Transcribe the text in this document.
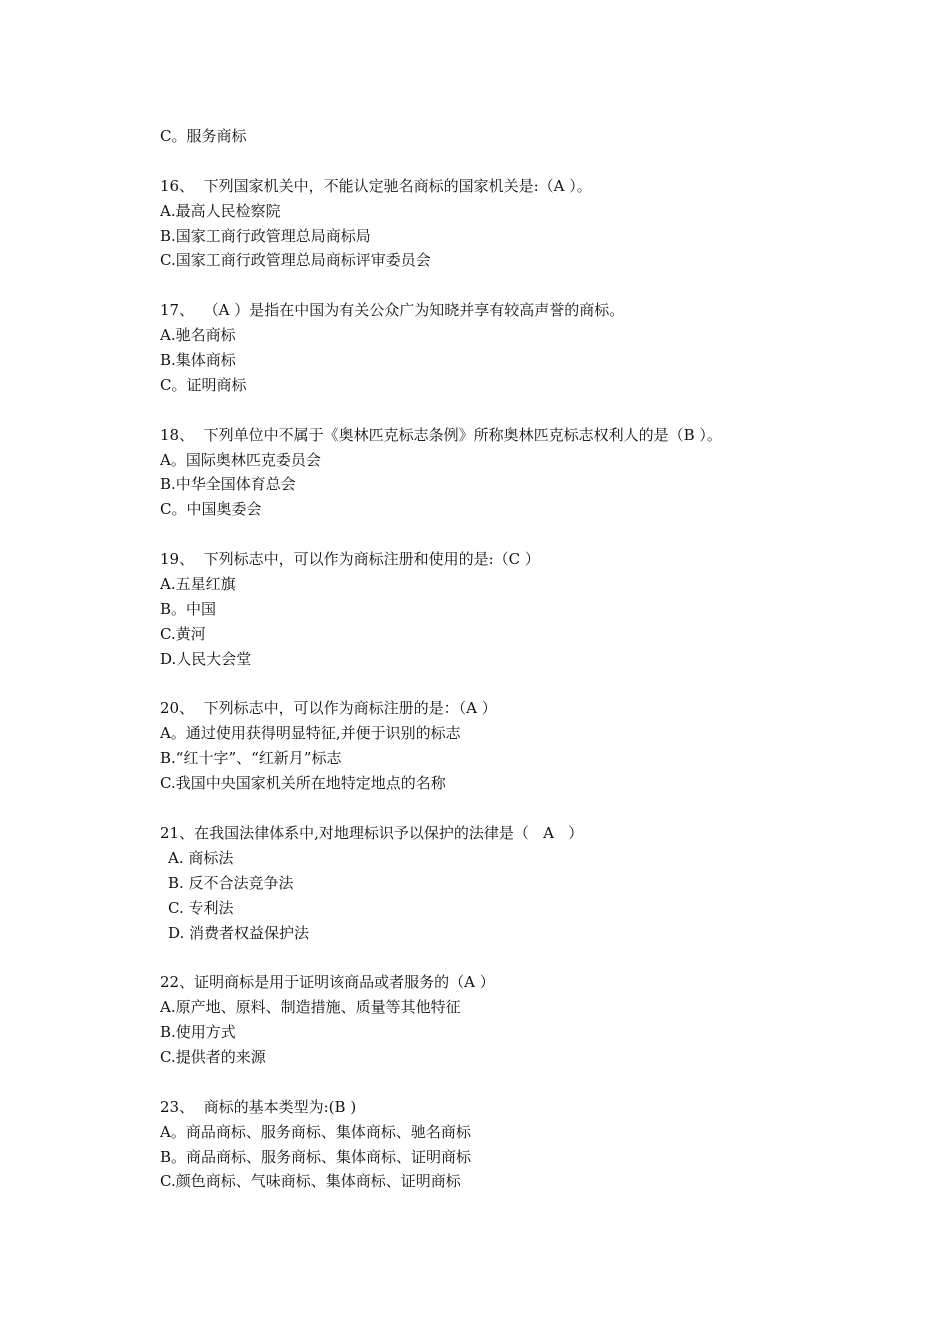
C。服务商标
16、  下列国家机关中，不能认定驰名商标的国家机关是:（A ）。
A.最高人民检察院
B.国家工商行政管理总局商标局
C.国家工商行政管理总局商标评审委员会
17、  （A ）是指在中国为有关公众广为知晓并享有较高声誉的商标。
A.驰名商标
B.集体商标
C。证明商标
18、  下列单位中不属于《奥林匹克标志条例》所称奥林匹克标志权利人的是（B ）。
A。国际奥林匹克委员会
B.中华全国体育总会
C。中国奥委会
19、  下列标志中，可以作为商标注册和使用的是:（C ）
A.五星红旗
B。中国
C.黄河
D.人民大会堂
20、  下列标志中，可以作为商标注册的是：（A ）
A。通过使用获得明显特征,并便于识别的标志
B.“红十字”、“红新月”标志
C.我国中央国家机关所在地特定地点的名称
21、在我国法律体系中,对地理标识予以保护的法律是（   A   ）
A. 商标法
B. 反不合法竞争法
C. 专利法
D. 消费者权益保护法
22、证明商标是用于证明该商品或者服务的（A ）
A.原产地、原料、制造措施、质量等其他特征
B.使用方式
C.提供者的来源
23、  商标的基本类型为:(B )
A。商品商标、服务商标、集体商标、驰名商标
B。商品商标、服务商标、集体商标、证明商标
C.颜色商标、气味商标、集体商标、证明商标
